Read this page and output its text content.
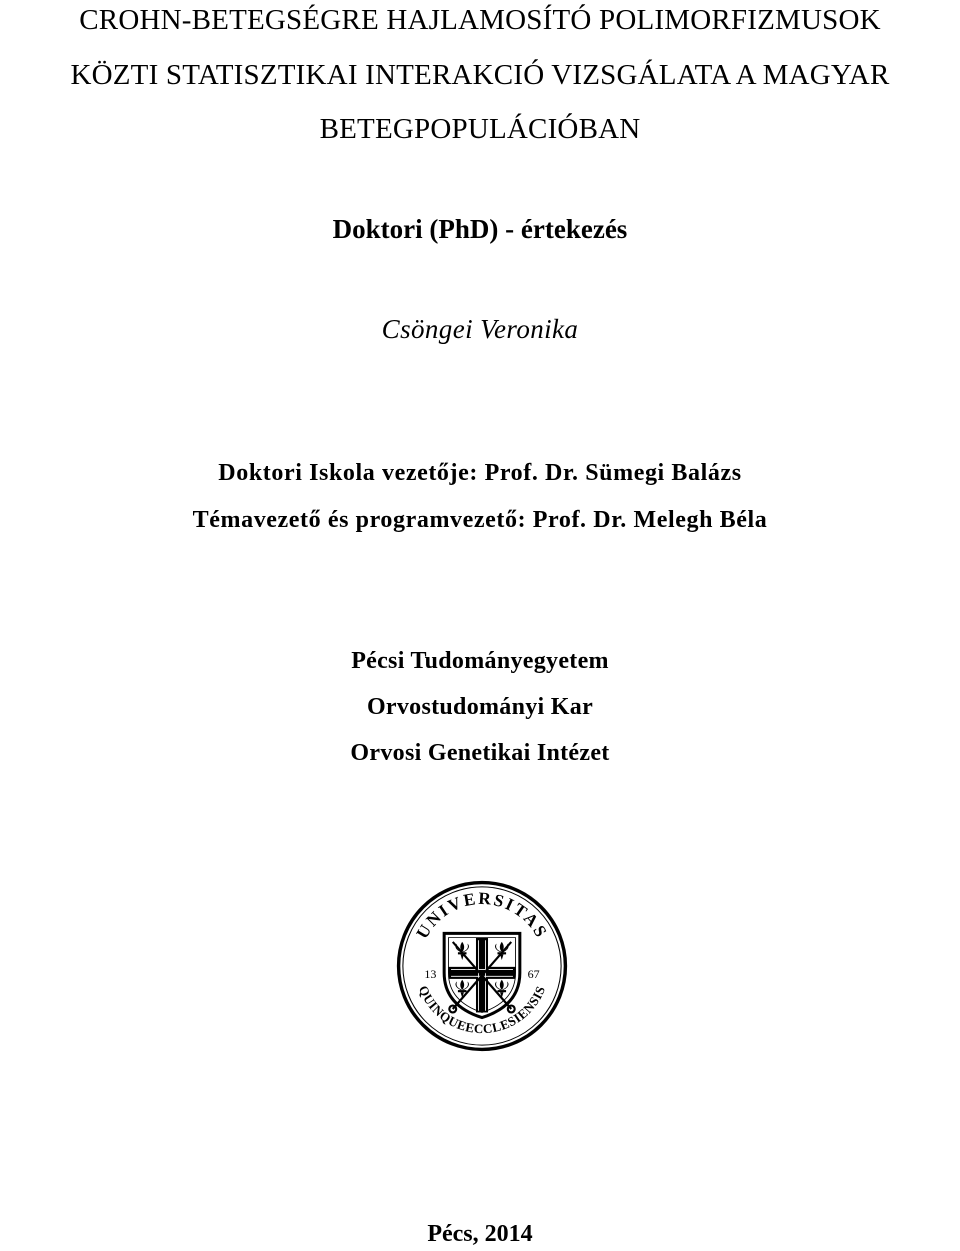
CROHN-BETEGSÉGRE HAJLAMOSÍTÓ POLIMORFIZMUSOK
KÖZTI STATISZTIKAI INTERAKCIÓ VIZSGÁLATA A MAGYAR
BETEGPOPULÁCIÓBAN
Doktori (PhD) - értekezés
Csöngei Veronika
Doktori Iskola vezetője: Prof. Dr. Sümegi Balázs
Témavezető és programvezető: Prof. Dr. Melegh Béla
Pécsi Tudományegyetem
Orvostudományi Kar
Orvosi Genetikai Intézet
UNIVERSITAS
QUINQUEECCLESIENSIS
13	67
Pécs, 2014
